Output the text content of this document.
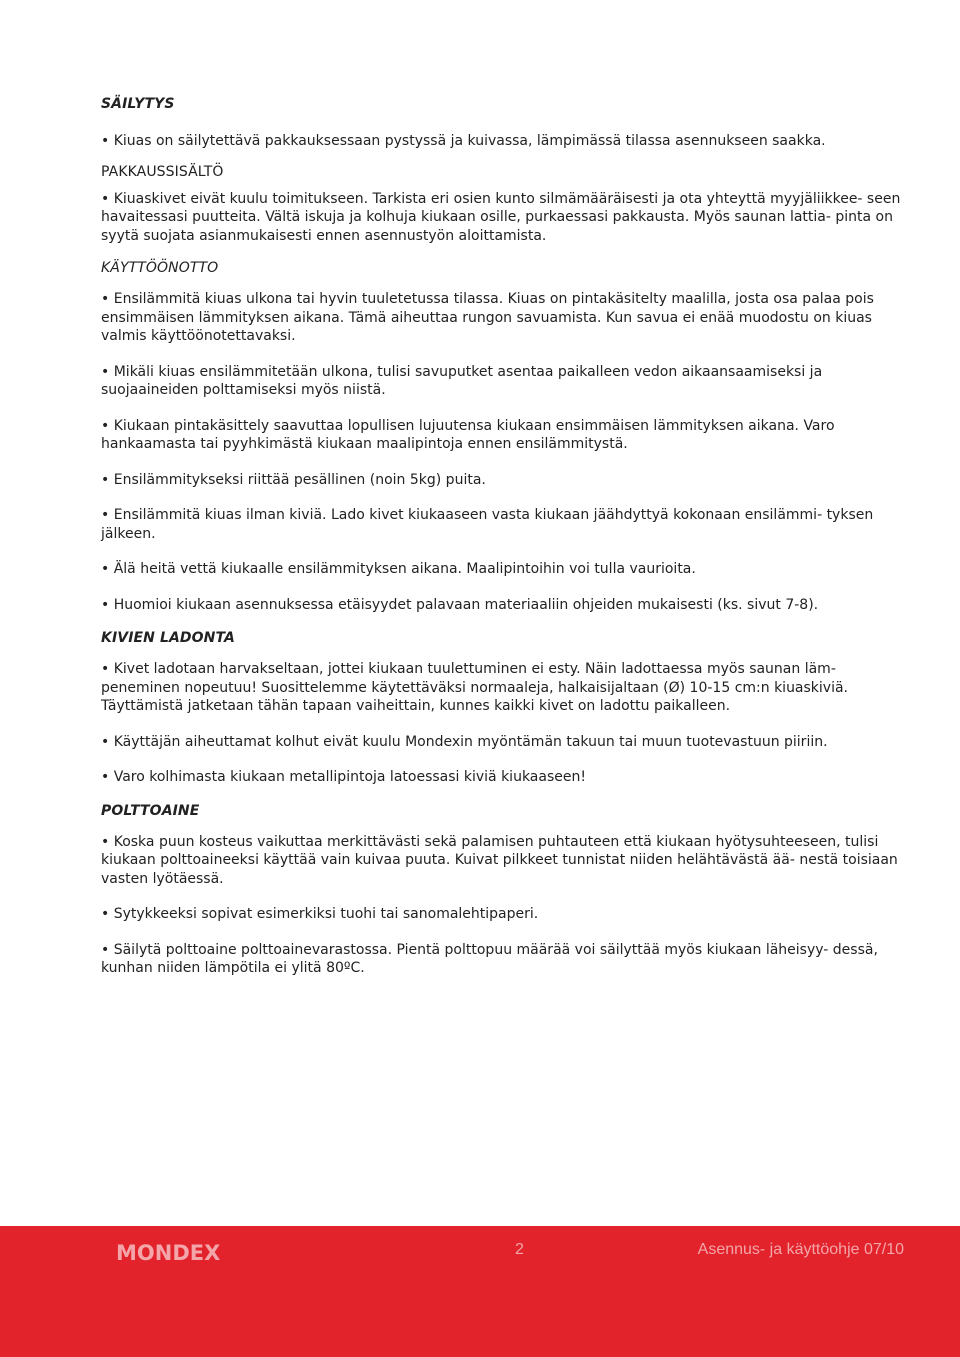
SÄILYTYS
• Kiuas on säilytettävä pakkauksessaan pystyssä ja kuivassa, lämpimässä tilassa asennukseen saakka.
PAKKAUSSISÄLTÖ
• Kiuaskivet eivät kuulu toimitukseen. Tarkista eri osien kunto silmämääräisesti ja ota yhteyttä myyjäliikkee- seen havaitessasi puutteita. Vältä iskuja ja kolhuja kiukaan osille, purkaessasi pakkausta. Myös saunan lattia- pinta on syytä suojata asianmukaisesti ennen asennustyön aloittamista.
KÄYTTÖÖNOTTO
• Ensilämmitä kiuas ulkona tai hyvin tuuletetussa tilassa. Kiuas on pintakäsitelty maalilla, josta osa palaa pois ensimmäisen lämmityksen aikana. Tämä aiheuttaa rungon savuamista. Kun savua ei enää muodostu on kiuas valmis käyttöönotettavaksi.
• Mikäli kiuas ensilämmitetään ulkona, tulisi savuputket asentaa paikalleen vedon aikaansaamiseksi ja suojaaineiden polttamiseksi myös niistä.
• Kiukaan pintakäsittely saavuttaa lopullisen lujuutensa kiukaan ensimmäisen lämmityksen aikana. Varo hankaamasta tai pyyhkimästä kiukaan maalipintoja ennen ensilämmitystä.
• Ensilämmitykseksi riittää pesällinen (noin 5kg) puita.
• Ensilämmitä kiuas ilman kiviä. Lado kivet kiukaaseen vasta kiukaan jäähdyttyä kokonaan ensilämmi- tyksen jälkeen.
• Älä heitä vettä kiukaalle ensilämmityksen aikana. Maalipintoihin voi tulla vaurioita.
• Huomioi kiukaan asennuksessa etäisyydet palavaan materiaaliin ohjeiden mukaisesti (ks. sivut 7-8).
KIVIEN LADONTA
• Kivet ladotaan harvakseltaan, jottei kiukaan tuulettuminen ei esty. Näin ladottaessa myös saunan läm- peneminen nopeutuu! Suosittelemme käytettäväksi normaaleja, halkaisijaltaan (Ø) 10-15 cm:n kiuaskiviä. Täyttämistä jatketaan tähän tapaan vaiheittain, kunnes kaikki kivet on ladottu paikalleen.
• Käyttäjän aiheuttamat kolhut eivät kuulu Mondexin myöntämän takuun tai muun tuotevastuun piiriin.
• Varo kolhimasta kiukaan metallipintoja latoessasi kiviä kiukaaseen!
POLTTOAINE
• Koska puun kosteus vaikuttaa merkittävästi sekä palamisen puhtauteen että kiukaan hyötysuhteeseen, tulisi kiukaan polttoaineeksi käyttää vain kuivaa puuta. Kuivat pilkkeet tunnistat niiden helähtävästä ää- nestä toisiaan vasten lyötäessä.
• Sytykkeeksi sopivat esimerkiksi tuohi tai sanomalehtipaperi.
• Säilytä polttoaine polttoainevarastossa. Pientä polttopuu määrää voi säilyttää myös kiukaan läheisyy- dessä, kunhan niiden lämpötila ei ylitä 80ºC.
MONDEX	2	Asennus- ja käyttöohje 07/10
